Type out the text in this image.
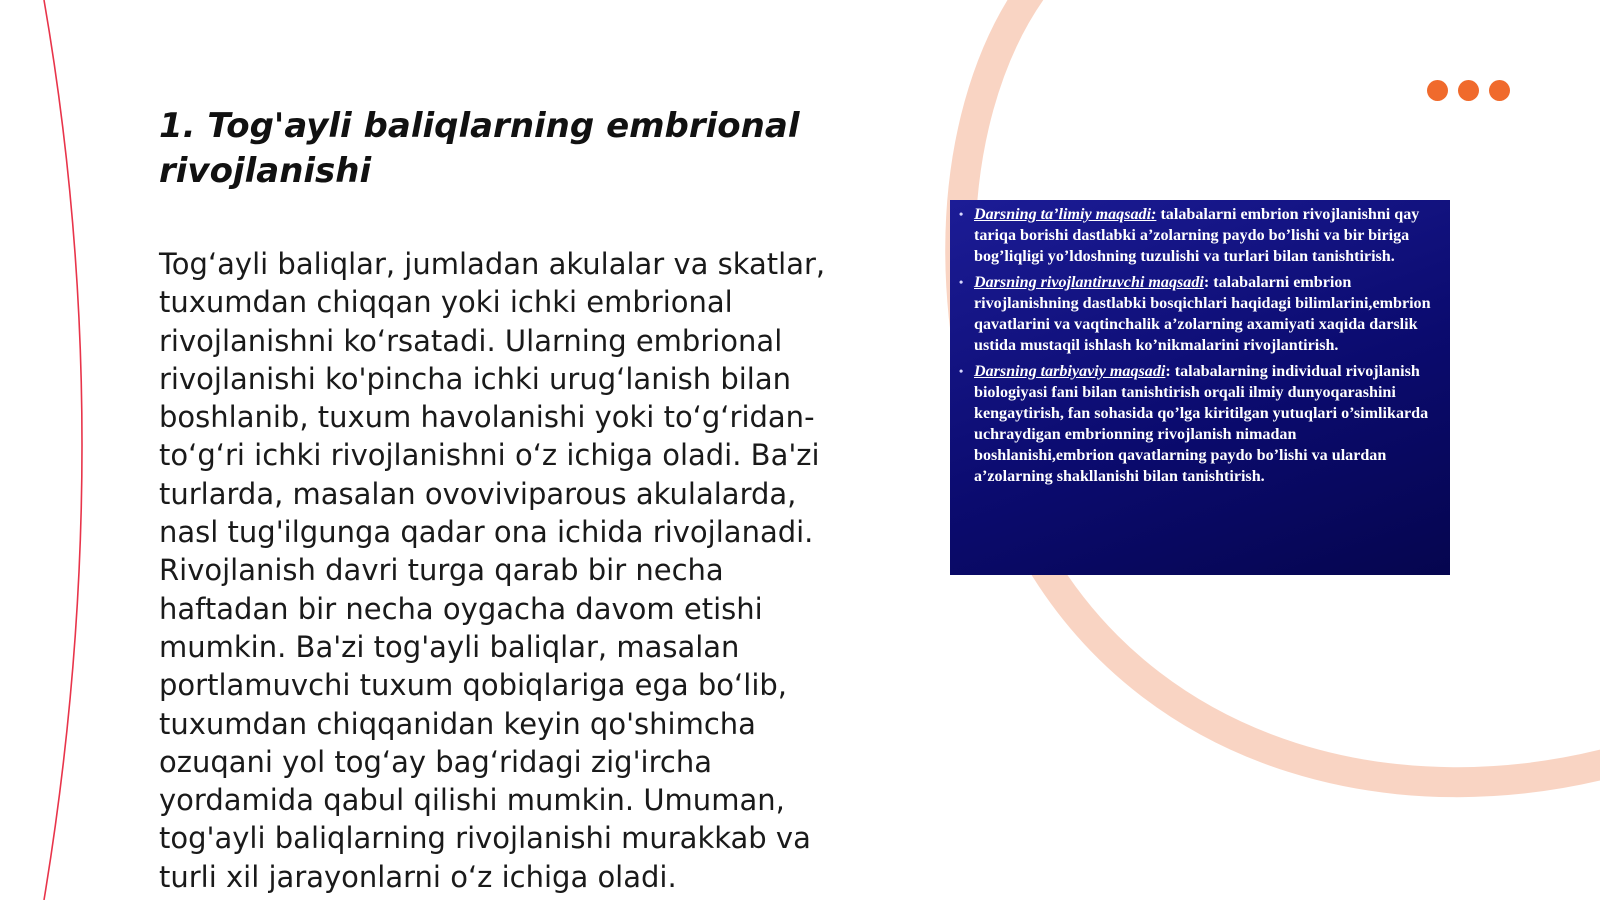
1. Tog'ayli baliqlarning embrional rivojlanishi

Tog‘ayli baliqlar, jumladan akulalar va skatlar, tuxumdan chiqqan yoki ichki embrional rivojlanishni ko‘rsatadi. Ularning embrional rivojlanishi ko'pincha ichki urug‘lanish bilan boshlanib, tuxum havolanishi yoki to‘g‘ridan-to‘g‘ri ichki rivojlanishni o‘z ichiga oladi. Ba'zi turlarda, masalan ovoviviparous akulalarda, nasl tug'ilgunga qadar ona ichida rivojlanadi. Rivojlanish davri turga qarab bir necha haftadan bir necha oygacha davom etishi mumkin. Ba'zi tog'ayli baliqlar, masalan portlamuvchi tuxum qobiqlariga ega bo‘lib, tuxumdan chiqqanidan keyin qo'shimcha ozuqani yol tog‘ay bag‘ridagi zig'ircha yordamida qabul qilishi mumkin. Umuman, tog'ayli baliqlarning rivojlanishi murakkab va turli xil jarayonlarni o‘z ichiga oladi.

• Darsning ta’limiy maqsadi: talabalarni embrion rivojlanishni qay tariqa borishi dastlabki a’zolarning paydo bo’lishi va bir biriga bog’liqligi yo’ldoshning tuzulishi va turlari bilan tanishtirish.
• Darsning rivojlantiruvchi maqsadi: talabalarni embrion rivojlanishning dastlabki bosqichlari haqidagi bilimlarini,embrion qavatlarini va vaqtinchalik a’zolarning axamiyati xaqida darslik ustida mustaqil ishlash ko’nikmalarini rivojlantirish.
• Darsning tarbiyaviy maqsadi: talabalarning individual rivojlanish biologiyasi fani bilan tanishtirish orqali ilmiy dunyoqarashini kengaytirish, fan sohasida qo’lga kiritilgan yutuqlari o’simlikarda uchraydigan embrionning rivojlanish nimadan boshlanishi,embrion qavatlarning paydo bo’lishi va ulardan a’zolarning shakllanishi bilan tanishtirish.
